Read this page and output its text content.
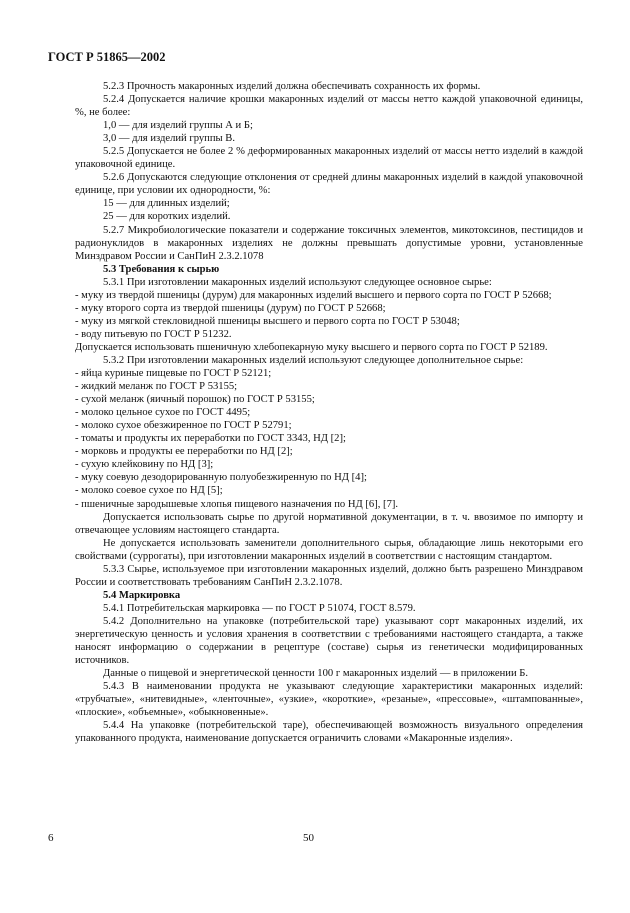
ГОСТ Р 51865—2002

5.2.3 Прочность макаронных изделий должна обеспечивать сохранность их формы.

5.2.4 Допускается наличие крошки макаронных изделий от массы нетто каждой упаковочной единицы, %, не более:

1,0 — для изделий группы А и Б;

3,0 — для изделий группы В.

5.2.5 Допускается не более 2 % деформированных макаронных изделий от массы нетто изделий в каждой упаковочной единице.

5.2.6 Допускаются следующие отклонения от средней длины макаронных изделий в каждой упаковочной единице, при условии их однородности, %:

15 — для длинных изделий;

25 — для коротких изделий.

5.2.7 Микробиологические показатели и содержание токсичных элементов, микотоксинов, пестицидов и радионуклидов в макаронных изделиях не должны превышать допустимые уровни, установленные Минздравом России и СанПиН 2.3.2.1078

5.3 Требования к сырью

5.3.1 При изготовлении макаронных изделий используют следующее основное сырье:

- муку из твердой пшеницы (дурум) для макаронных изделий высшего и первого сорта по ГОСТ Р 52668;

- муку второго сорта из твердой пшеницы (дурум) по ГОСТ Р 52668;

- муку из мягкой стекловидной пшеницы высшего и первого сорта по ГОСТ Р 53048;

- воду питьевую по ГОСТ Р 51232.

Допускается использовать пшеничную хлебопекарную муку высшего и первого сорта по ГОСТ Р 52189.

5.3.2 При изготовлении макаронных изделий используют следующее дополнительное сырье:

- яйца куриные пищевые по ГОСТ Р 52121;

- жидкий меланж по ГОСТ Р 53155;

- сухой меланж (яичный порошок) по ГОСТ Р 53155;

- молоко цельное сухое по ГОСТ 4495;

- молоко сухое обезжиренное по ГОСТ Р 52791;

- томаты и продукты их переработки по ГОСТ 3343, НД [2];

- морковь и продукты ее переработки по НД [2];

- сухую клейковину по НД [3];

- муку соевую дезодорированную полуобезжиренную по НД [4];

- молоко соевое сухое по НД [5];

- пшеничные зародышевые хлопья пищевого назначения по НД [6], [7].

Допускается использовать сырье по другой нормативной документации, в т. ч. ввозимое по импорту и отвечающее условиям настоящего стандарта.

Не допускается использовать заменители дополнительного сырья, обладающие лишь некоторыми его свойствами (суррогаты), при изготовлении макаронных изделий в соответствии с настоящим стандартом.

5.3.3 Сырье, используемое при изготовлении макаронных изделий, должно быть разрешено Минздравом России и соответствовать требованиям СанПиН 2.3.2.1078.

5.4 Маркировка

5.4.1 Потребительская маркировка — по ГОСТ Р 51074, ГОСТ 8.579.

5.4.2 Дополнительно на упаковке (потребительской таре) указывают сорт макаронных изделий, их энергетическую ценность и условия хранения в соответствии с требованиями настоящего стандарта, а также наносят информацию о содержании в рецептуре (составе) сырья из генетически модифицированных источников.

Данные о пищевой и энергетической ценности 100 г макаронных изделий — в приложении Б.

5.4.3 В наименовании продукта не указывают следующие характеристики макаронных изделий: «трубчатые», «нитевидные», «ленточные», «узкие», «короткие», «резаные», «прессовые», «штампованные», «плоские», «объемные», «обыкновенные».

5.4.4 На упаковке (потребительской таре), обеспечивающей возможность визуального определения упакованного продукта, наименование допускается ограничить словами «Макаронные изделия».

6	50
